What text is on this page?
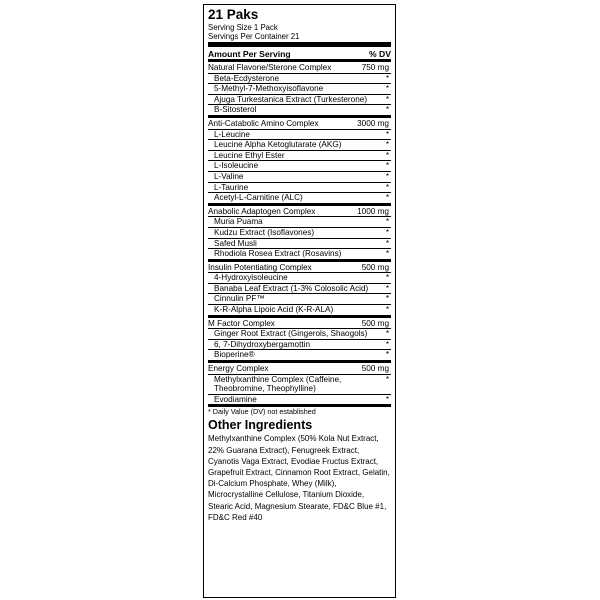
21 Paks
Serving Size 1 Pack
Servings Per Container 21
Amount Per Serving	% DV
Natural Flavone/Sterone Complex	750 mg
Beta-Ecdysterone	*
5-Methyl-7-Methoxyisoflavone	*
Ajuga Turkestanica Extract (Turkesterone)	*
B-Sitosterol	*
Anti-Catabolic Amino Complex	3000 mg
L-Leucine	*
Leucine Alpha Ketoglutarate (AKG)	*
Leucine Ethyl Ester	*
L-Isoleucine	*
L-Valine	*
L-Taurine	*
Acetyl-L-Carnitine (ALC)	*
Anabolic Adaptogen Complex	1000 mg
Muria Puama	*
Kudzu Extract (Isoflavones)	*
Safed Musli	*
Rhodiola Rosea Extract (Rosavins)	*
Insulin Potentiating Complex	500 mg
4-Hydroxyisoleucine	*
Banaba Leaf Extract (1-3% Colosolic Acid)	*
Cinnulin PF™	*
K-R-Alpha Lipoic Acid (K-R-ALA)	*
M Factor Complex	500 mg
Ginger Root Extract (Gingerols, Shaogols)	*
6, 7-Dihydroxybergamottin	*
Bioperine®	*
Energy Complex	500 mg
Methylxanthine Complex (Caffeine, Theobromine, Theophylline)
*
Evodiamine	*
* Daily Value (DV) not established
Other Ingredients
Methylxanthine Complex (50% Kola Nut Extract, 22% Guarana Extract), Fenugreek Extract, Cyanotis Vaga Extract, Evodiae Fructus Extract, Grapefruit Extract, Cinnamon Root Extract, Gelatin, Di-Calcium Phosphate, Whey (Milk), Microcrystalline Cellulose, Titanium Dioxide, Stearic Acid, Magnesium Stearate, FD&C Blue #1, FD&C Red #40
